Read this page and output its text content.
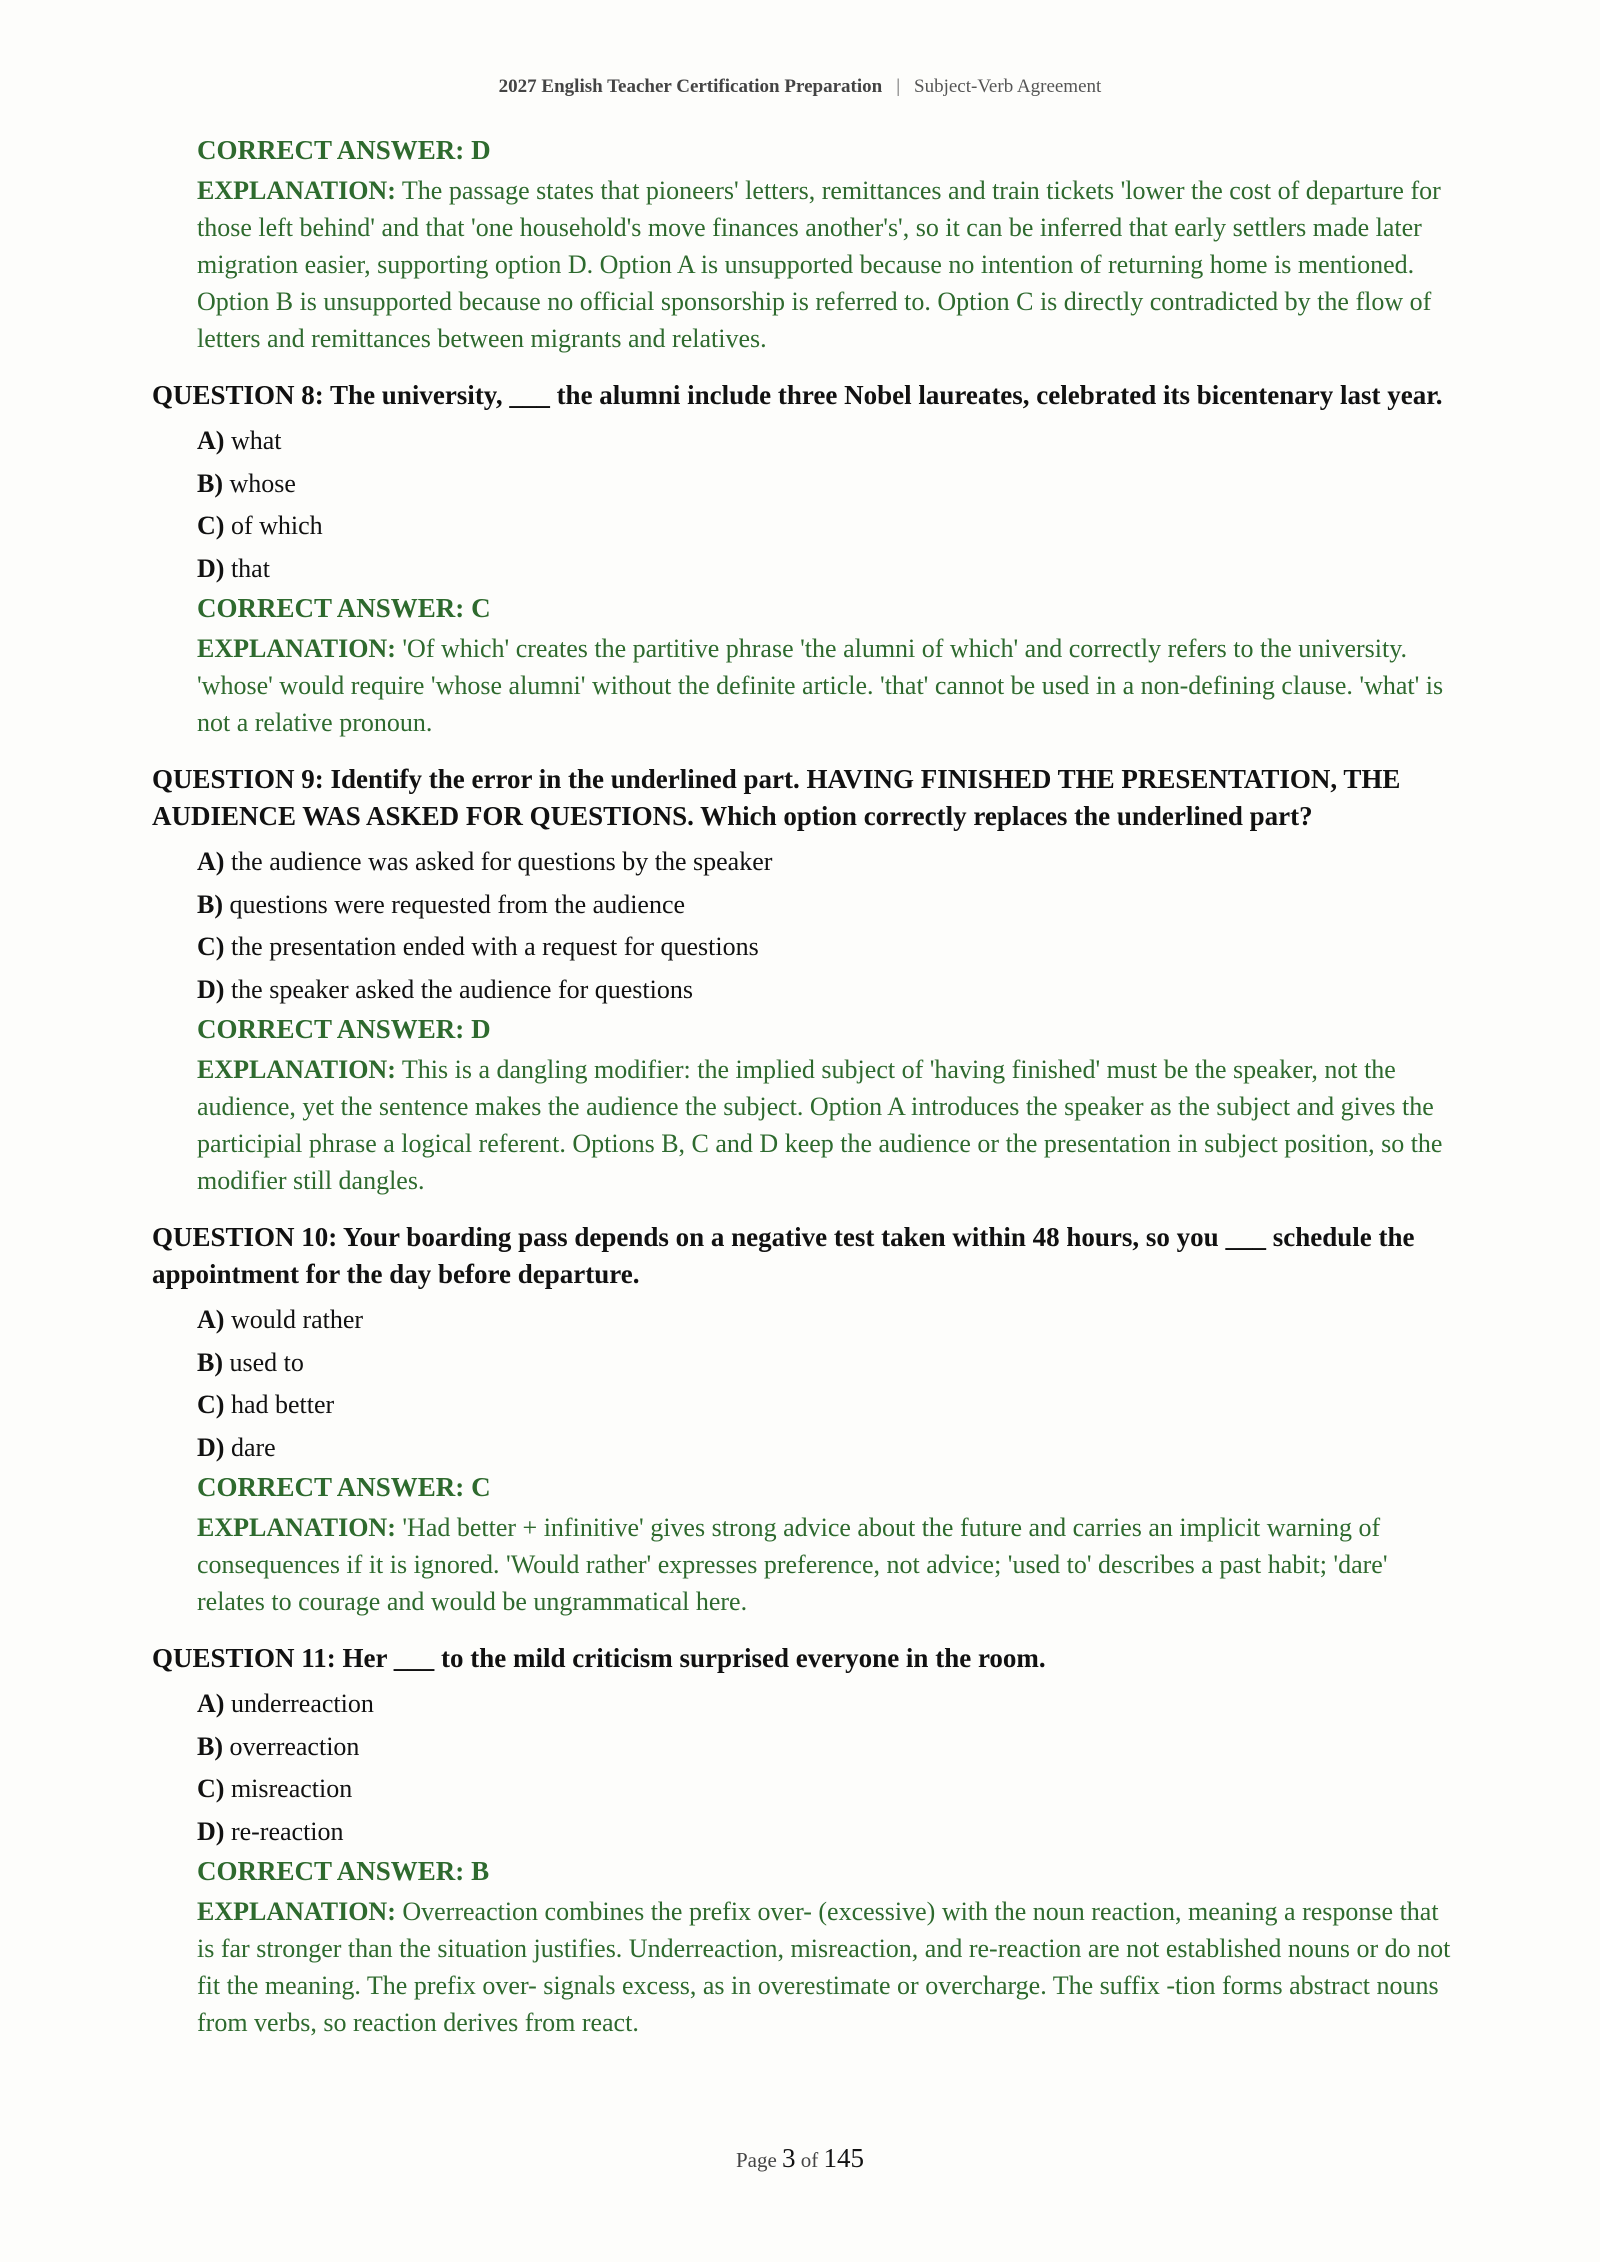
2027 English Teacher Certification Preparation | Subject-Verb Agreement
CORRECT ANSWER: D
EXPLANATION: The passage states that pioneers' letters, remittances and train tickets 'lower the cost of departure for those left behind' and that 'one household's move finances another's', so it can be inferred that early settlers made later migration easier, supporting option D. Option A is unsupported because no intention of returning home is mentioned. Option B is unsupported because no official sponsorship is referred to. Option C is directly contradicted by the flow of letters and remittances between migrants and relatives.
QUESTION 8: The university, ___ the alumni include three Nobel laureates, celebrated its bicentenary last year.
A) what
B) whose
C) of which
D) that
CORRECT ANSWER: C
EXPLANATION: 'Of which' creates the partitive phrase 'the alumni of which' and correctly refers to the university. 'whose' would require 'whose alumni' without the definite article. 'that' cannot be used in a non-defining clause. 'what' is not a relative pronoun.
QUESTION 9: Identify the error in the underlined part. HAVING FINISHED THE PRESENTATION, THE AUDIENCE WAS ASKED FOR QUESTIONS. Which option correctly replaces the underlined part?
A) the audience was asked for questions by the speaker
B) questions were requested from the audience
C) the presentation ended with a request for questions
D) the speaker asked the audience for questions
CORRECT ANSWER: D
EXPLANATION: This is a dangling modifier: the implied subject of 'having finished' must be the speaker, not the audience, yet the sentence makes the audience the subject. Option A introduces the speaker as the subject and gives the participial phrase a logical referent. Options B, C and D keep the audience or the presentation in subject position, so the modifier still dangles.
QUESTION 10: Your boarding pass depends on a negative test taken within 48 hours, so you ___ schedule the appointment for the day before departure.
A) would rather
B) used to
C) had better
D) dare
CORRECT ANSWER: C
EXPLANATION: 'Had better + infinitive' gives strong advice about the future and carries an implicit warning of consequences if it is ignored. 'Would rather' expresses preference, not advice; 'used to' describes a past habit; 'dare' relates to courage and would be ungrammatical here.
QUESTION 11: Her ___ to the mild criticism surprised everyone in the room.
A) underreaction
B) overreaction
C) misreaction
D) re-reaction
CORRECT ANSWER: B
EXPLANATION: Overreaction combines the prefix over- (excessive) with the noun reaction, meaning a response that is far stronger than the situation justifies. Underreaction, misreaction, and re-reaction are not established nouns or do not fit the meaning. The prefix over- signals excess, as in overestimate or overcharge. The suffix -tion forms abstract nouns from verbs, so reaction derives from react.
Page 3 of 145
